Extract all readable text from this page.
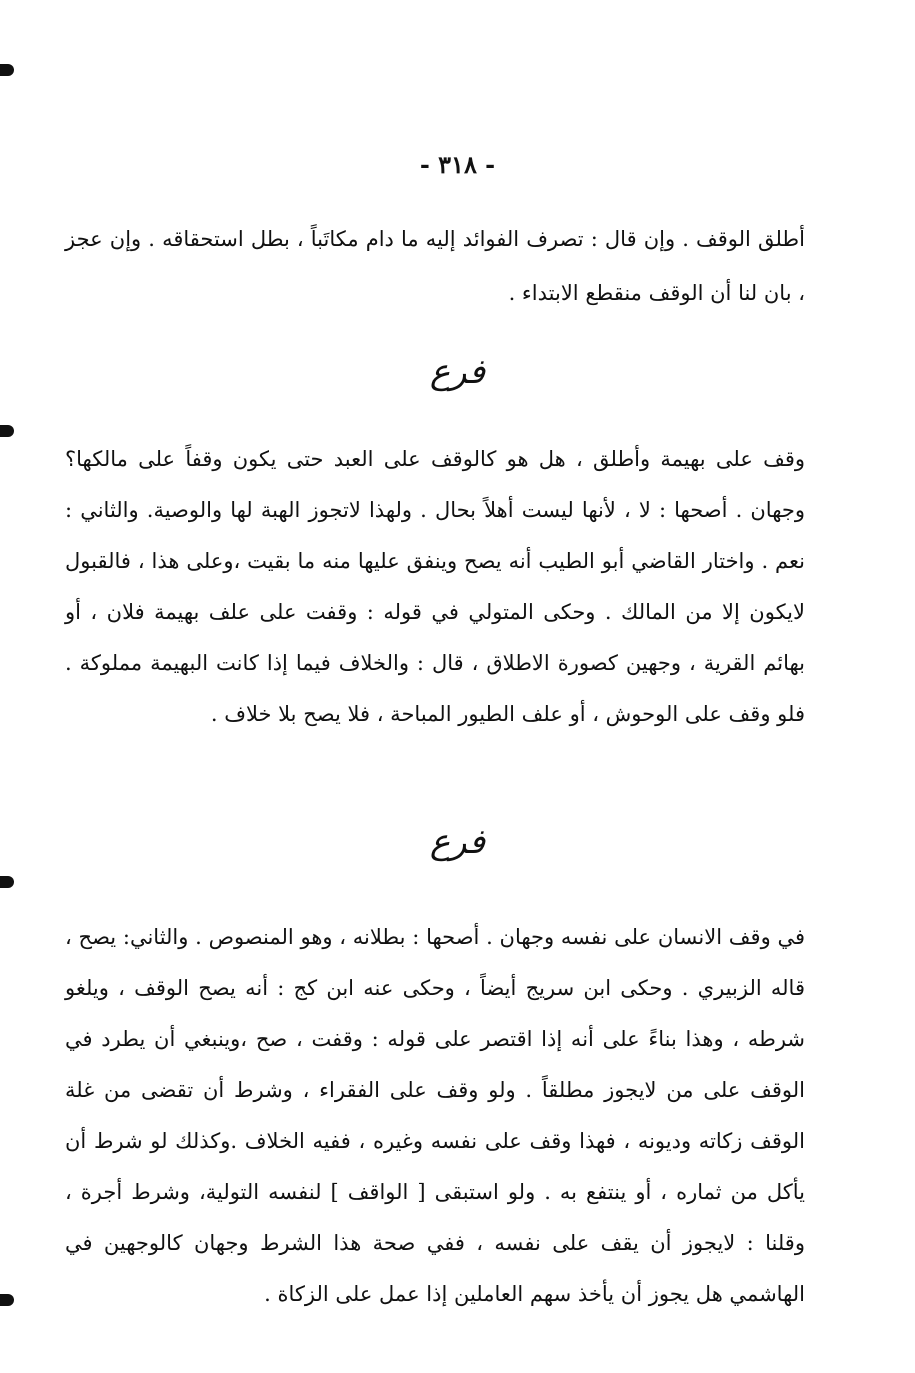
- ٣١٨ -
أطلق الوقف . وإن قال : تصرف الفوائد إليه ما دام مكاتَباً ، بطل استحقاقه . وإن عجز ، بان لنا أن الوقف منقطع الابتداء .
فرع
وقف على بهيمة وأطلق ، هل هو كالوقف على العبد حتى يكون وقفاً على مالكها؟ وجهان . أصحها : لا ، لأنها ليست أهلاً بحال . ولهذا لاتجوز الهبة لها والوصية. والثاني : نعم . واختار القاضي أبو الطيب أنه يصح وينفق عليها منه ما بقيت ،وعلى هذا ، فالقبول لايكون إلا من المالك . وحكى المتولي في قوله : وقفت على علف بهيمة فلان ، أو بهائم القرية ، وجهين كصورة الاطلاق ، قال : والخلاف فيما إذا كانت البهيمة مملوكة . فلو وقف على الوحوش ، أو علف الطيور المباحة ، فلا يصح بلا خلاف .
فرع
في وقف الانسان على نفسه وجهان . أصحها : بطلانه ، وهو المنصوص . والثاني: يصح ، قاله الزبيري . وحكى ابن سريج أيضاً ، وحكى عنه ابن كج : أنه يصح الوقف ، ويلغو شرطه ، وهذا بناءً على أنه إذا اقتصر على قوله : وقفت ، صح ،وينبغي أن يطرد في الوقف على من لايجوز مطلقاً . ولو وقف على الفقراء ، وشرط أن تقضى من غلة الوقف زكاته وديونه ، فهذا وقف على نفسه وغيره ، ففيه الخلاف .وكذلك لو شرط أن يأكل من ثماره ، أو ينتفع به . ولو استبقى [ الواقف ] لنفسه التولية، وشرط أجرة ، وقلنا : لايجوز أن يقف على نفسه ، ففي صحة هذا الشرط وجهان كالوجهين في الهاشمي هل يجوز أن يأخذ سهم العاملين إذا عمل على الزكاة .
